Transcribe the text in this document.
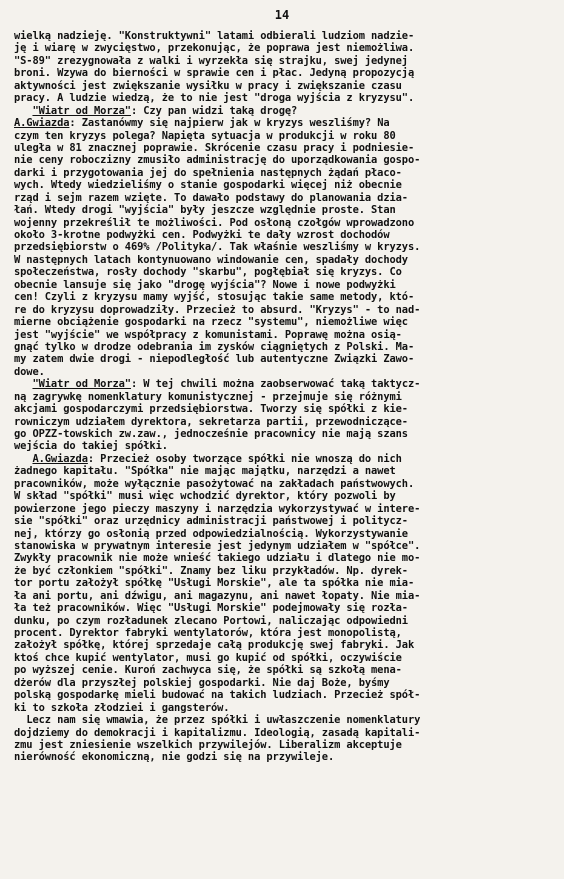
14
wielką nadzieję. "Konstruktywni" latami odbierali ludziom nadzie-
ję i wiarę w zwycięstwo, przekonując, że poprawa jest niemożliwa.
"S-89" zrezygnowała z walki i wyrzekła się strajku, swej jedynej
broni. Wzywa do bierności w sprawie cen i płac. Jedyną propozycją
aktywności jest zwiększanie wysiłku w pracy i zwiększanie czasu
pracy. A ludzie wiedzą, że to nie jest "droga wyjścia z kryzysu".
"Wiatr od Morza": Czy pan widzi taką drogę?
A.Gwiazda: Zastanówmy się najpierw jak w kryzys weszliśmy? Na
czym ten kryzys polega? Napięta sytuacja w produkcji w roku 80
uległa w 81 znacznej poprawie. Skrócenie czasu pracy i podniesie-
nie ceny roboczizny zmusiło administrację do uporządkowania gospo-
darki i przygotowania jej do spełnienia następnych żądań płaco-
wych. Wtedy wiedzieliśmy o stanie gospodarki więcej niż obecnie
rząd i sejm razem wzięte. To dawało podstawy do planowania dzia-
łań. Wtedy drogi "wyjścia" były jeszcze względnie proste. Stan
wojenny przekreślił te możliwości. Pod osłoną czołgów wprowadzono
około 3-krotne podwyżki cen. Podwyżki te dały wzrost dochodów
przedsiębiorstw o 469% /Polityka/. Tak właśnie weszliśmy w kryzys.
W następnych latach kontynuowano windowanie cen, spadały dochody
społeczeństwa, rosły dochody "skarbu", pogłębiał się kryzys. Co
obecnie lansuje się jako "drogę wyjścia"? Nowe i nowe podwyżki
cen! Czyli z kryzysu mamy wyjść, stosując takie same metody, któ-
re do kryzysu doprowadziły. Przecież to absurd. "Kryzys" - to nad-
mierne obciążenie gospodarki na rzecz "systemu", niemożliwe więc
jest "wyjście" we współpracy z komunistami. Poprawę można osią-
gnąć tylko w drodze odebrania im zysków ciągniętych z Polski. Ma-
my zatem dwie drogi - niepodległość lub autentyczne Związki Zawo-
dowe.
"Wiatr od Morza": W tej chwili można zaobserwować taką taktycz-
ną zagrywkę nomenklatury komunistycznej - przejmuje się różnymi
akcjami gospodarczymi przedsiębiorstwa. Tworzy się spółki z kie-
rowniczym udziałem dyrektora, sekretarza partii, przewodniczące-
go OPZZ-towskich zw.zaw., jednocześnie pracownicy nie mają szans
wejścia do takiej spółki.
A.Gwiazda: Przecież osoby tworzące spółki nie wnoszą do nich
żadnego kapitału. "Spółka" nie mając majątku, narzędzi a nawet
pracowników, może wyłącznie pasożytować na zakładach państwowych.
W skład "spółki" musi więc wchodzić dyrektor, który pozwoli by
powierzone jego pieczy maszyny i narzędzia wykorzystywać w intere-
sie "spółki" oraz urzędnicy administracji państwowej i politycz-
nej, którzy go osłonią przed odpowiedzialnością. Wykorzystywanie
stanowiska w prywatnym interesie jest jedynym udziałem w "spółce".
Zwykły pracownik nie może wnieść takiego udziału i dlatego nie mo-
że być członkiem "spółki". Znamy bez liku przykładów. Np. dyrek-
tor portu założył spółkę "Usługi Morskie", ale ta spółka nie mia-
ła ani portu, ani dźwigu, ani magazynu, ani nawet łopaty. Nie mia-
ła też pracowników. Więc "Usługi Morskie" podejmowały się rozła-
dunku, po czym rozładunek zlecano Portowi, naliczając odpowiedni
procent. Dyrektor fabryki wentylatorów, która jest monopolistą,
założył spółkę, której sprzedaje całą produkcję swej fabryki. Jak
ktoś chce kupić wentylator, musi go kupić od spółki, oczywiście
po wyższej cenie. Kuroń zachwyca się, że spółki są szkołą mena-
dżerów dla przyszłej polskiej gospodarki. Nie daj Boże, byśmy
polską gospodarkę mieli budować na takich ludziach. Przecież spół-
ki to szkoła złodziei i gangsterów.
Lecz nam się wmawia, że przez spółki i uwłaszczenie nomenklatury
dojdziemy do demokracji i kapitalizmu. Ideologią, zasadą kapitali-
zmu jest zniesienie wszelkich przywilejów. Liberalizm akceptuje
nierówność ekonomiczną, nie godzi się na przywileje.
